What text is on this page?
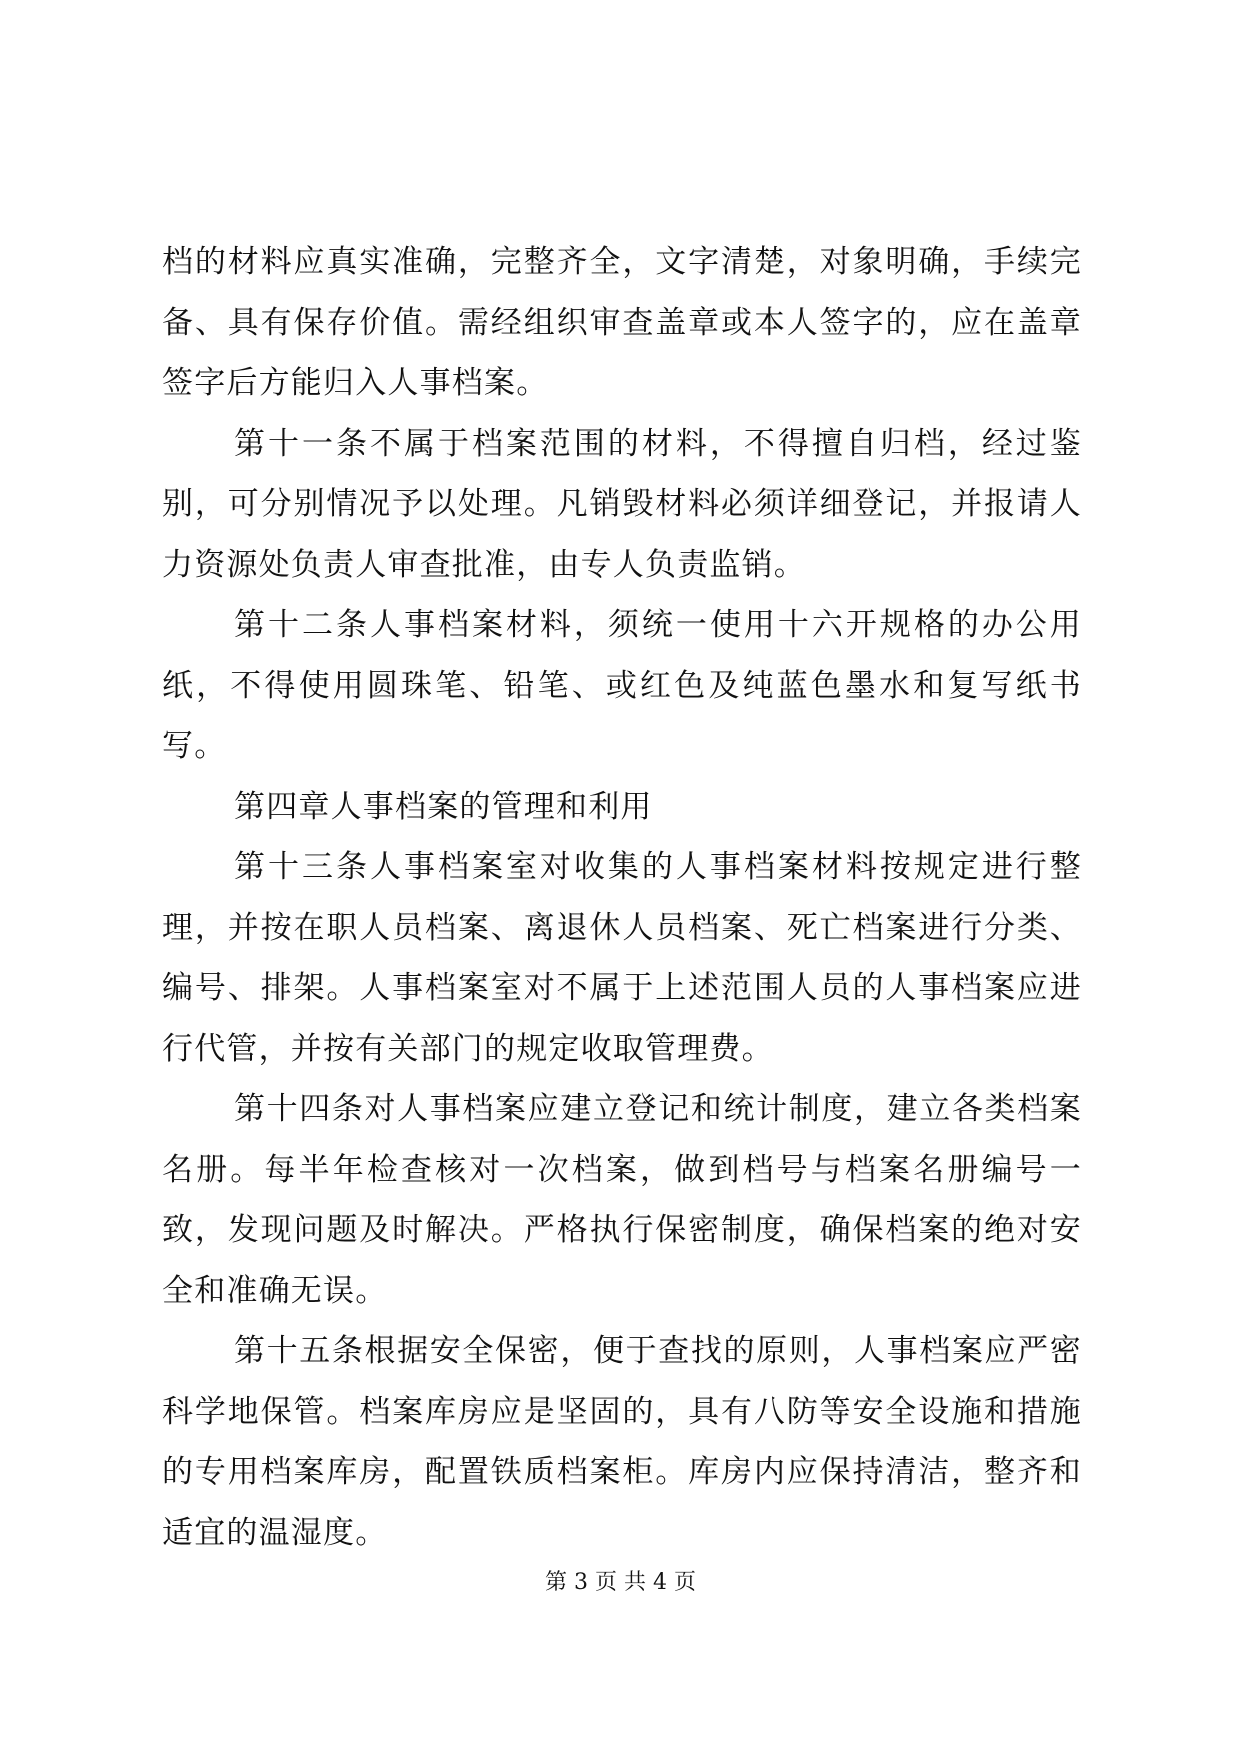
档的材料应真实准确，完整齐全，文字清楚，对象明确，手续完备、具有保存价值。需经组织审查盖章或本人签字的，应在盖章签字后方能归入人事档案。

第十一条不属于档案范围的材料，不得擅自归档，经过鉴别，可分别情况予以处理。凡销毁材料必须详细登记，并报请人力资源处负责人审查批准，由专人负责监销。

第十二条人事档案材料，须统一使用十六开规格的办公用纸，不得使用圆珠笔、铅笔、或红色及纯蓝色墨水和复写纸书写。

第四章人事档案的管理和利用

第十三条人事档案室对收集的人事档案材料按规定进行整理，并按在职人员档案、离退休人员档案、死亡档案进行分类、编号、排架。人事档案室对不属于上述范围人员的人事档案应进行代管，并按有关部门的规定收取管理费。

第十四条对人事档案应建立登记和统计制度，建立各类档案名册。每半年检查核对一次档案，做到档号与档案名册编号一致，发现问题及时解决。严格执行保密制度，确保档案的绝对安全和准确无误。

第十五条根据安全保密，便于查找的原则，人事档案应严密科学地保管。档案库房应是坚固的，具有八防等安全设施和措施的专用档案库房，配置铁质档案柜。库房内应保持清洁，整齐和适宜的温湿度。

第 3 页 共 4 页
